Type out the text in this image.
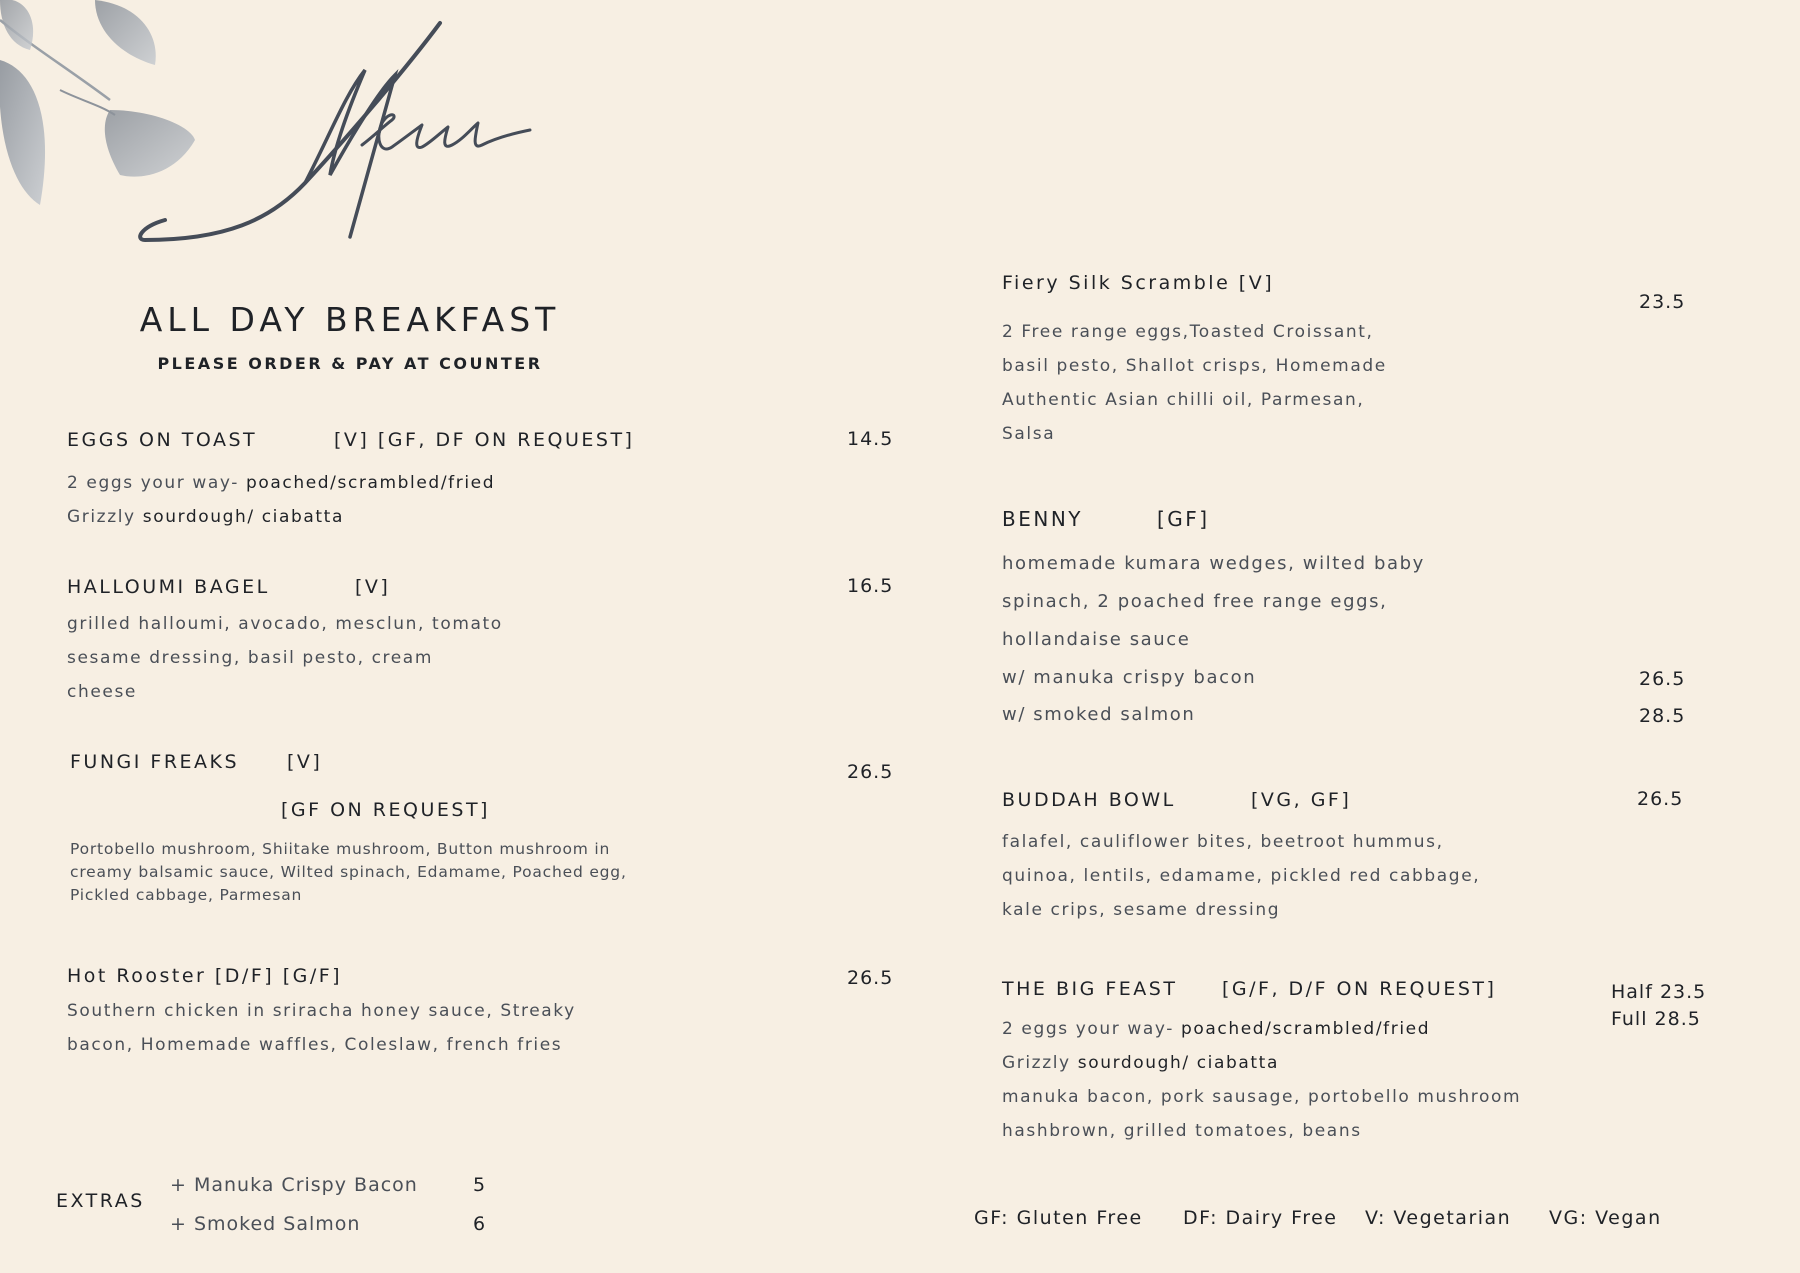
ALL DAY BREAKFAST
PLEASE ORDER & PAY AT COUNTER
EGGS ON TOAST	[V] [GF, DF ON REQUEST]	14.5
2 eggs your way- poached/scrambled/fried
Grizzly sourdough/ ciabatta
HALLOUMI BAGEL	[V]	16.5
grilled halloumi, avocado, mesclun, tomato
sesame dressing, basil pesto, cream
cheese
FUNGI FREAKS	[V]	26.5
[GF ON REQUEST]
Portobello mushroom, Shiitake mushroom, Button mushroom in
creamy balsamic sauce, Wilted spinach, Edamame, Poached egg,
Pickled cabbage, Parmesan
Hot Rooster [D/F] [G/F]	26.5
Southern chicken in sriracha honey sauce, Streaky
bacon, Homemade waffles, Coleslaw, french fries
EXTRAS
+ Manuka Crispy Bacon	5
+ Smoked Salmon	6
Fiery Silk Scramble [V]
23.5
2 Free range eggs,Toasted Croissant,
basil pesto, Shallot crisps, Homemade
Authentic Asian chilli oil, Parmesan,
Salsa
BENNY	[GF]
homemade kumara wedges, wilted baby
spinach, 2 poached free range eggs,
hollandaise sauce
w/ manuka crispy bacon	26.5
w/ smoked salmon	28.5
BUDDAH BOWL	[VG, GF]	26.5
falafel, cauliflower bites, beetroot hummus,
quinoa, lentils, edamame, pickled red cabbage,
kale crips, sesame dressing
THE BIG FEAST [G/F, D/F ON REQUEST]	Half 23.5
Full 28.5
2 eggs your way- poached/scrambled/fried
Grizzly sourdough/ ciabatta
manuka bacon, pork sausage, portobello mushroom
hashbrown, grilled tomatoes, beans
GF: Gluten Free DF: Dairy Free V: Vegetarian VG: Vegan
